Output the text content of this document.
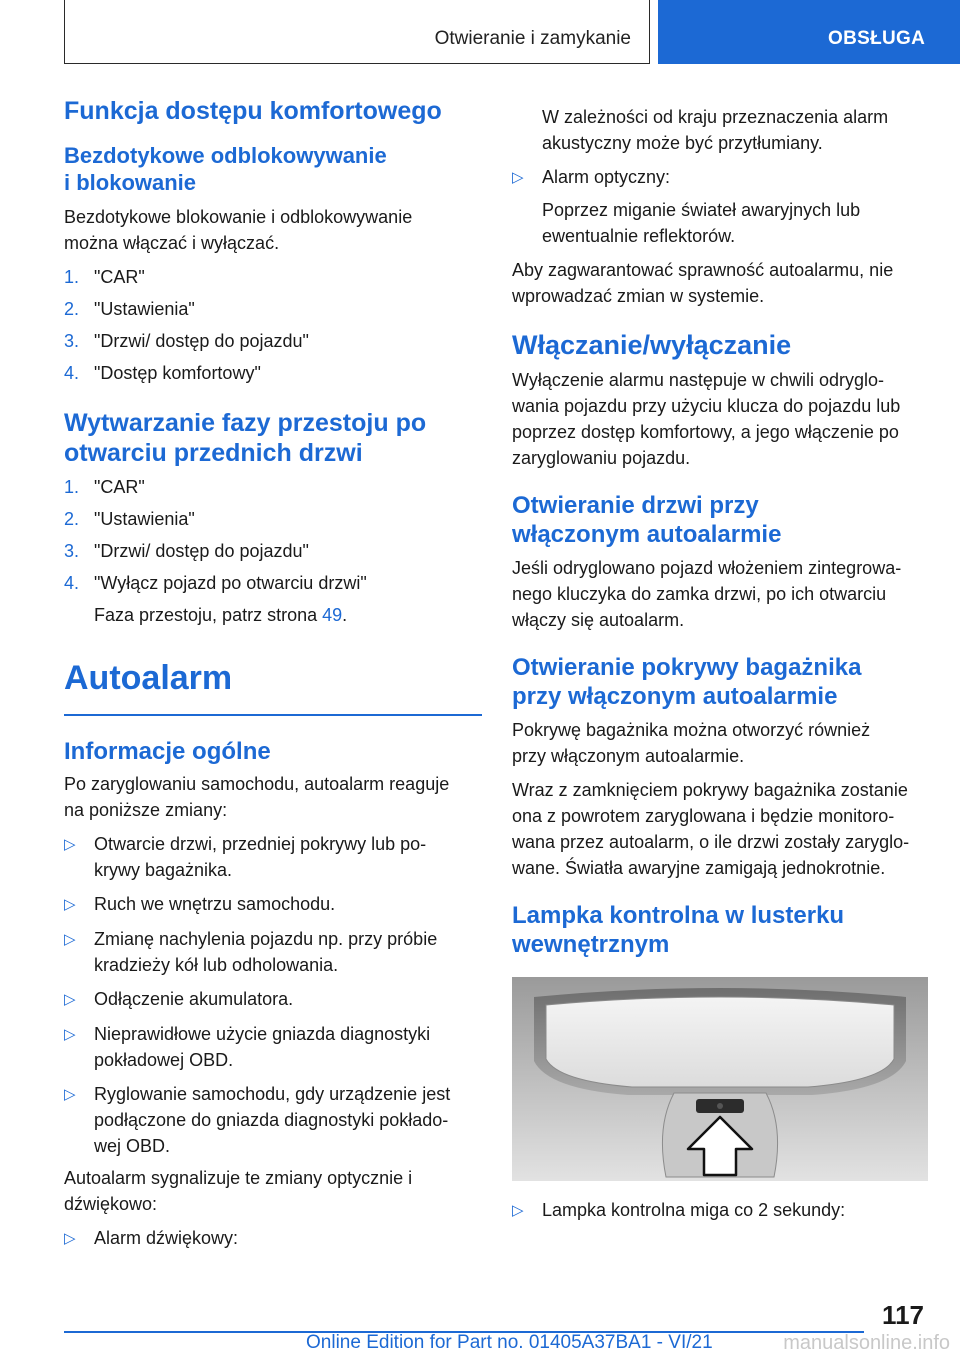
Otwieranie i zamykanie	OBSŁUGA
Funkcja dostępu komfortowego
Bezdotykowe odblokowywanie
i blokowanie

Bezdotykowe blokowanie i odblokowywanie
można włączać i wyłączać.

1. "CAR"
2. "Ustawienia"
3. "Drzwi/ dostęp do pojazdu"
4. "Dostęp komfortowy"
Wytwarzanie fazy przestoju po
otwarciu przednich drzwi
1. "CAR"
2. "Ustawienia"
3. "Drzwi/ dostęp do pojazdu"
4. "Wyłącz pojazd po otwarciu drzwi"

Faza przestoju, patrz strona 49.

Autoalarm
Informacje ogólne

Po zaryglowaniu samochodu, autoalarm reaguje
na poniższe zmiany:

▷	Otwarcie drzwi, przedniej pokrywy lub po-
krywy bagażnika.
▷	Ruch we wnętrzu samochodu.
▷	Zmianę nachylenia pojazdu np. przy próbie
kradzieży kół lub odholowania.
▷	Odłączenie akumulatora.
▷	Nieprawidłowe użycie gniazda diagnostyki
pokładowej OBD.
▷	Ryglowanie samochodu, gdy urządzenie jest
podłączone do gniazda diagnostyki pokłado-
wej OBD.

Autoalarm sygnalizuje te zmiany optycznie i
dźwiękowo:

▷	Alarm dźwiękowy:

W zależności od kraju przeznaczenia alarm
akustyczny może być przytłumiany.

▷	Alarm optyczny:

Poprzez miganie świateł awaryjnych lub
ewentualnie reflektorów.

Aby zagwarantować sprawność autoalarmu, nie
wprowadzać zmian w systemie.

Włączanie/wyłączanie

Wyłączenie alarmu następuje w chwili odryglo-
wania pojazdu przy użyciu klucza do pojazdu lub
poprzez dostęp komfortowy, a jego włączenie po
zaryglowaniu pojazdu.

Otwieranie drzwi przy
włączonym autoalarmie

Jeśli odryglowano pojazd włożeniem zintegrowa-
nego kluczyka do zamka drzwi, po ich otwarciu
włączy się autoalarm.

Otwieranie pokrywy bagażnika
przy włączonym autoalarmie

Pokrywę bagażnika można otworzyć również
przy włączonym autoalarmie.

Wraz z zamknięciem pokrywy bagażnika zostanie
ona z powrotem zaryglowana i będzie monitoro-
wana przez autoalarm, o ile drzwi zostały zaryglo-
wane. Światła awaryjne zamigają jednokrotnie.

Lampka kontrolna w lusterku
wewnętrznym
▷	Lampka kontrolna miga co 2 sekundy:
117
Online Edition for Part no. 01405A37BA1 - VI/21	manualsonline.info
